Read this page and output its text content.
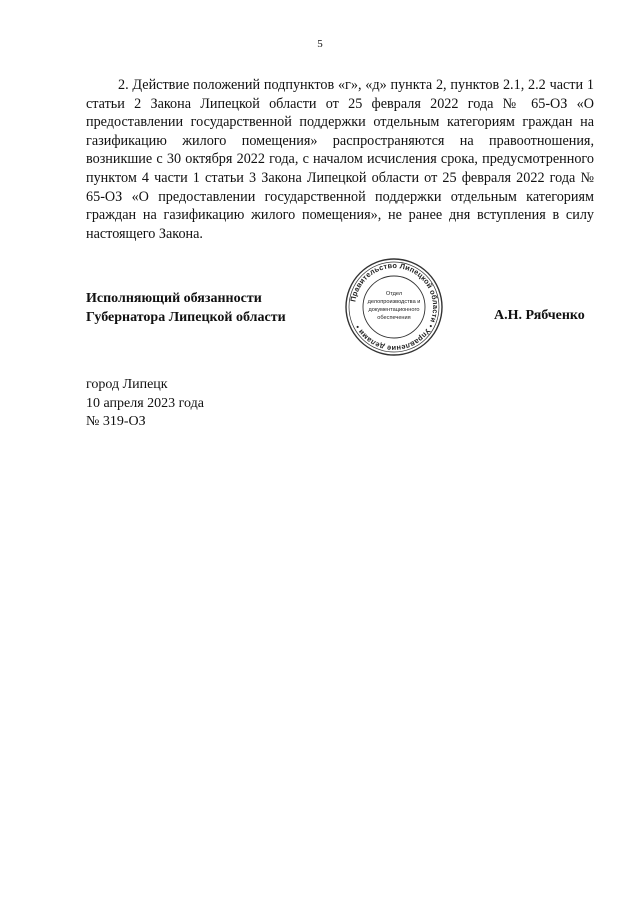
5

2. Действие положений подпунктов «г», «д» пункта 2, пунктов 2.1, 2.2 части 1 статьи 2 Закона Липецкой области от 25 февраля 2022 года № 65-ОЗ «О предоставлении государственной поддержки отдельным категориям граждан на газификацию жилого помещения» распространяются на правоотношения, возникшие с 30 октября 2022 года, с началом исчисления срока, предусмотренного пунктом 4 части 1 статьи 3 Закона Липецкой области от 25 февраля 2022 года № 65-ОЗ «О предоставлении государственной поддержки отдельным категориям граждан на газификацию жилого помещения», не ранее дня вступления в силу настоящего Закона.

Исполняющий обязанности
Губернатора Липецкой области
Правительство Липецкой области • Управление делами •
Отдел
делопроизводства и
документационного
обеспечения	А.Н. Рябченко
город Липецк
10 апреля 2023 года
№ 319-ОЗ
